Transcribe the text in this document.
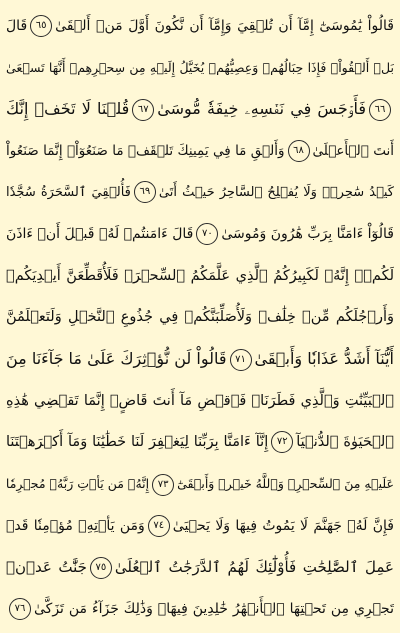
قَالُواْ يَٰمُوسَىٰٓ إِمَّآ أَن تُلۡقِيَ وَإِمَّآ أَن نَّكُونَ أَوَّلَ مَنۡ أَلۡقَىٰ٦٥قَالَ
بَلۡ أَلۡقُواْۖ فَإِذَا حِبَالُهُمۡ وَعِصِيُّهُمۡ يُخَيَّلُ إِلَيۡهِ مِن سِحۡرِهِمۡ أَنَّهَا تَسۡعَىٰ
٦٦فَأَوۡجَسَ فِي نَفۡسِهِۦ خِيفَةٗ مُّوسَىٰ٦٧قُلۡنَا لَا تَخَفۡ إِنَّكَ
أَنتَ ٱلۡأَعۡلَىٰ٦٨وَأَلۡقِ مَا فِي يَمِينِكَ تَلۡقَفۡ مَا صَنَعُوٓاْۖ إِنَّمَا صَنَعُواْ
كَيۡدُ سَٰحِرٖۖ وَلَا يُفۡلِحُ ٱلسَّاحِرُ حَيۡثُ أَتَىٰ٦٩فَأُلۡقِيَ ٱلسَّحَرَةُ سُجَّدٗا
قَالُوٓاْ ءَامَنَّا بِرَبِّ هَٰرُونَ وَمُوسَىٰ٧٠قَالَ ءَامَنتُمۡ لَهُۥ قَبۡلَ أَنۡ ءَاذَنَ
لَكُمۡۖ إِنَّهُۥ لَكَبِيرُكُمُ ٱلَّذِي عَلَّمَكُمُ ٱلسِّحۡرَۖ فَلَأُقَطِّعَنَّ أَيۡدِيَكُمۡ
وَأَرۡجُلَكُم مِّنۡ خِلَٰفٖ وَلَأُصَلِّبَنَّكُمۡ فِي جُذُوعِ ٱلنَّخۡلِ وَلَتَعۡلَمُنَّ
أَيُّنَآ أَشَدُّ عَذَابٗا وَأَبۡقَىٰ٧١قَالُواْ لَن نُّؤۡثِرَكَ عَلَىٰ مَا جَآءَنَا مِنَ
ٱلۡبَيِّنَٰتِ وَٱلَّذِي فَطَرَنَاۖ فَٱقۡضِ مَآ أَنتَ قَاضٍۖ إِنَّمَا تَقۡضِي هَٰذِهِ
ٱلۡحَيَوٰةَ ٱلدُّنۡيَآ٧٢إِنَّآ ءَامَنَّا بِرَبِّنَا لِيَغۡفِرَ لَنَا خَطَٰيَٰنَا وَمَآ أَكۡرَهۡتَنَا
عَلَيۡهِ مِنَ ٱلسِّحۡرِۗ وَٱللَّهُ خَيۡرٞ وَأَبۡقَىٰٓ٧٣إِنَّهُۥ مَن يَأۡتِ رَبَّهُۥ مُجۡرِمٗا
فَإِنَّ لَهُۥ جَهَنَّمَ لَا يَمُوتُ فِيهَا وَلَا يَحۡيَىٰ٧٤وَمَن يَأۡتِهِۦ مُؤۡمِنٗا قَدۡ
عَمِلَ ٱلصَّٰلِحَٰتِ فَأُوْلَٰٓئِكَ لَهُمُ ٱلدَّرَجَٰتُ ٱلۡعُلَىٰ٧٥جَنَّٰتُ عَدۡنٖ
تَجۡرِي مِن تَحۡتِهَا ٱلۡأَنۡهَٰرُ خَٰلِدِينَ فِيهَاۚ وَذَٰلِكَ جَزَآءُ مَن تَزَكَّىٰ٧٦
